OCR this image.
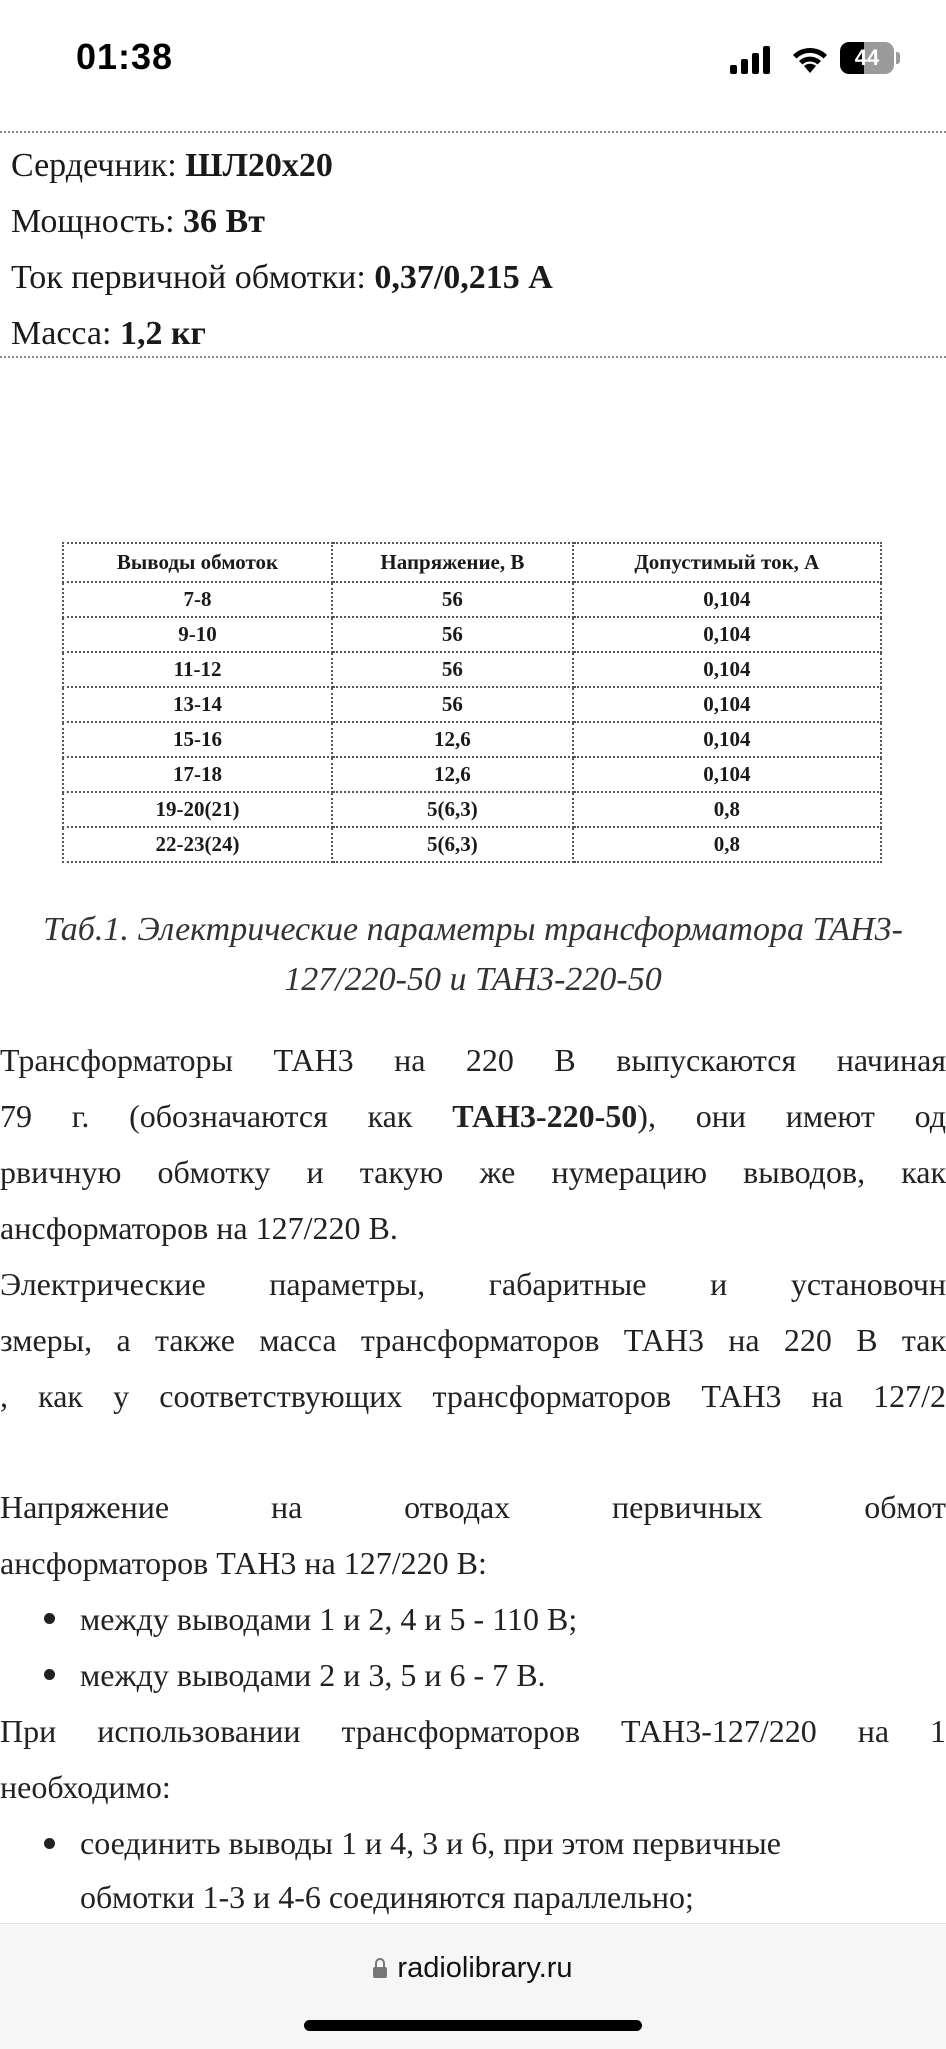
01:38	44
Сердечник: ШЛ20х20
Мощность: 36 Вт
Ток первичной обмотки: 0,37/0,215 А
Масса: 1,2 кг
Выводы обмоток	Напряжение, В	Допустимый ток, А
7-8	56	0,104
9-10	56	0,104
11-12	56	0,104
13-14	56	0,104
15-16	12,6	0,104
17-18	12,6	0,104
19-20(21)	5(6,3)	0,8
22-23(24)	5(6,3)	0,8
Таб.1. Электрические параметры трансформатора ТАН3-
127/220-50 и ТАН3-220-50
Трансформаторы ТАН3 на 220 В выпускаются начиная
79 г. (обозначаются как ТАН3-220-50), они имеют од
рвичную обмотку и такую же нумерацию выводов, как
ансформаторов на 127/220 В.
Электрические параметры, габаритные и установочн
змеры, а также масса трансформаторов ТАН3 на 220 В так
, как у соответствующих трансформаторов ТАН3 на 127/2
Напряжение на отводах первичных обмот
ансформаторов ТАН3 на 127/220 В:
между выводами 1 и 2, 4 и 5 - 110 В;
между выводами 2 и 3, 5 и 6 - 7 В.
При использовании трансформаторов ТАН3-127/220 на 1
необходимо:
соединить выводы 1 и 4, 3 и 6, при этом первичные
обмотки 1-3 и 4-6 соединяются параллельно;
radiolibrary.ru
